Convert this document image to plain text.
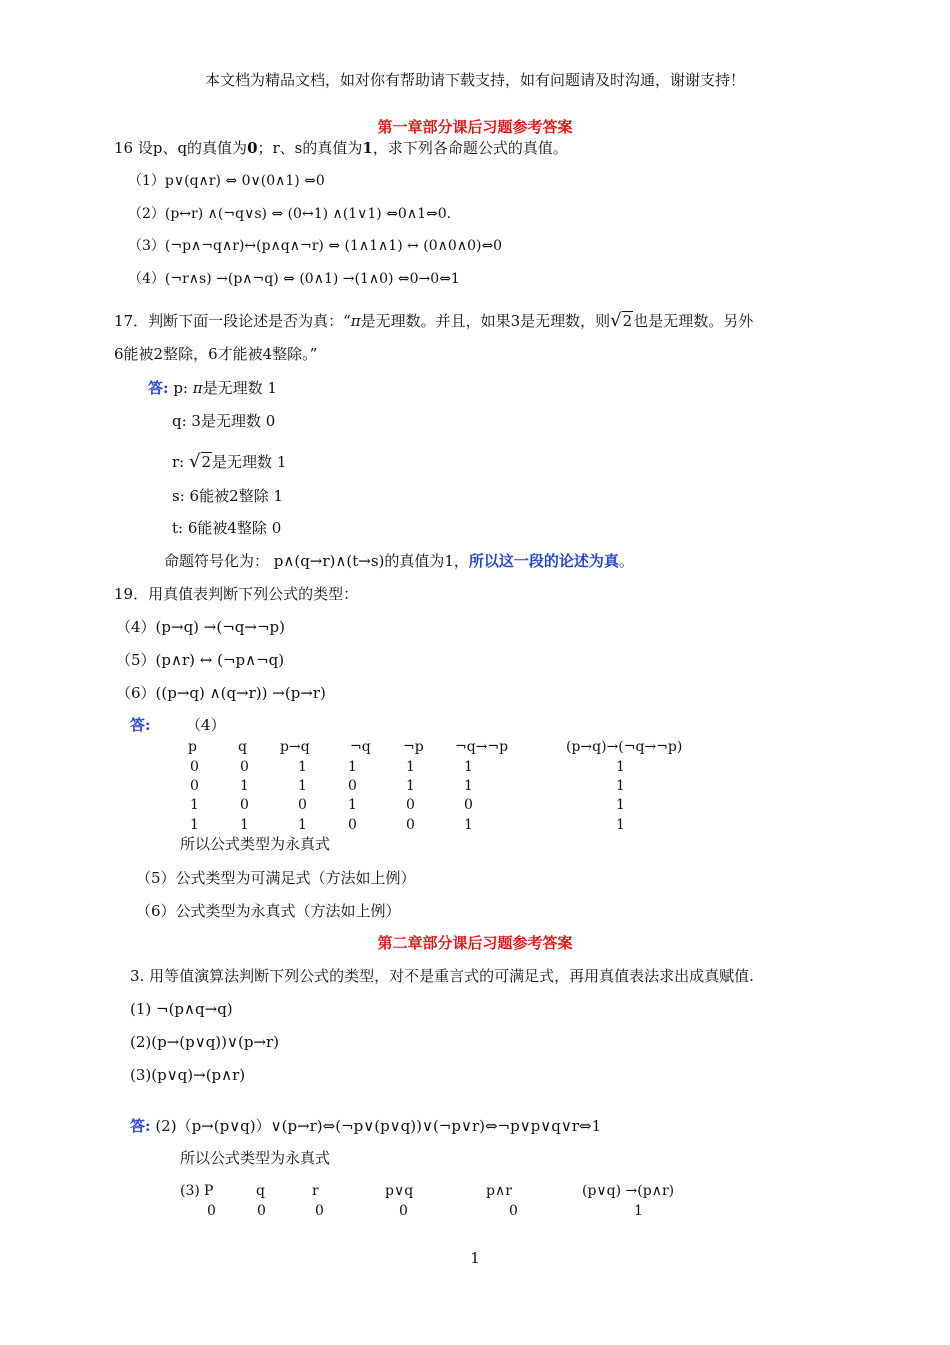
本文档为精品文档，如对你有帮助请下载支持，如有问题请及时沟通，谢谢支持！
第一章部分课后习题参考答案
16 设p、q的真值为0；r、s的真值为1，求下列各命题公式的真值。
（1）p∨(q∧r) ⇔ 0∨(0∧1) ⇔0
（2）(p↔r) ∧(¬q∨s) ⇔ (0↔1) ∧(1∨1) ⇔0∧1⇔0.
（3）(¬p∧¬q∧r)↔(p∧q∧¬r) ⇔ (1∧1∧1) ↔ (0∧0∧0)⇔0
（4）(¬r∧s) →(p∧¬q) ⇔ (0∧1) →(1∧0) ⇔0→0⇔1
17．判断下面一段论述是否为真：“π是无理数。并且，如果3是无理数，则√2也是无理数。另外
6能被2整除，6才能被4整除。”
答: p: π是无理数 1
q: 3是无理数 0
r: √2是无理数 1
s: 6能被2整除 1
t: 6能被4整除 0
命题符号化为： p∧(q→r)∧(t→s)的真值为1，所以这一段的论述为真。
19．用真值表判断下列公式的类型：
（4）(p→q) →(¬q→¬p)
（5）(p∧r) ↔ (¬p∧¬q)
（6）((p→q) ∧(q→r)) →(p→r)
答: （4）
p	q p→q	¬q ¬p ¬q→¬p	(p→q)→(¬q→¬p)
0	0	1	1	1	1	1
0	1	1	0	1	1	1
1	0	0	1	0	0	1
1	1	1	0	0	1	1
所以公式类型为永真式
（5）公式类型为可满足式（方法如上例）
（6）公式类型为永真式（方法如上例）
第二章部分课后习题参考答案
3. 用等值演算法判断下列公式的类型，对不是重言式的可满足式，再用真值表法求出成真赋值.
(1) ¬(p∧q→q)
(2)(p→(p∨q))∨(p→r)
(3)(p∨q)→(p∧r)
答: (2)（p→(p∨q)）∨(p→r)⇔(¬p∨(p∨q))∨(¬p∨r)⇔¬p∨p∨q∨r⇔1
所以公式类型为永真式
(3) P	q	r	p∨q	p∧r	(p∨q) →(p∧r)
0	0	0	0	0	1
1
